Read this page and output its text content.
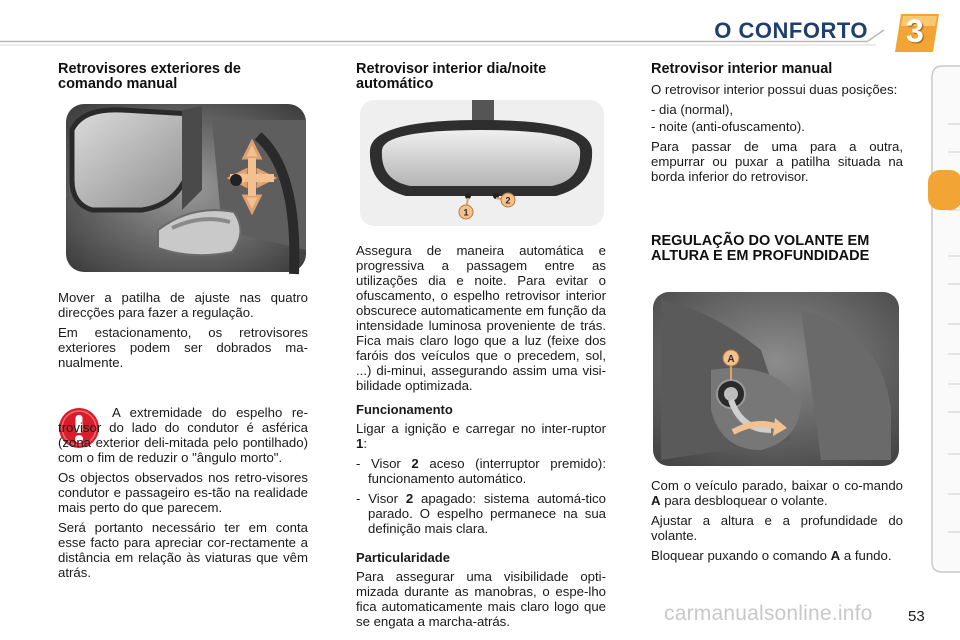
O CONFORTO 3
Retrovisores exteriores de comando manual

Mover a patilha de ajuste nas quatro direcções para fazer a regulação.

Em estacionamento, os retrovisores exteriores podem ser dobrados ma-nualmente.

A extremidade do espelho re-trovisor do lado do condutor é asférica (zona exterior deli-mitada pelo pontilhado) com o fim de reduzir o "ângulo morto".

Os objectos observados nos retro-visores condutor e passageiro es-tão na realidade mais perto do que parecem.

Será portanto necessário ter em conta esse facto para apreciar cor-rectamente a distância em relação às viaturas que vêm atrás.

Retrovisor interior dia/noite automático
1
2

Assegura de maneira automática e progressiva a passagem entre as utilizações dia e noite. Para evitar o ofuscamento, o espelho retrovisor interior obscurece automaticamente em função da intensidade luminosa proveniente de trás. Fica mais claro logo que a luz (feixe dos faróis dos veículos que o precedem, sol, ...) di-minui, assegurando assim uma visi-bilidade optimizada.

Funcionamento

Ligar a ignição e carregar no inter-ruptor 1:

- Visor 2 aceso (interruptor premido): funcionamento automático.

- Visor 2 apagado: sistema automá-tico parado. O espelho permanece na sua definição mais clara.

Particularidade

Para assegurar uma visibilidade opti-mizada durante as manobras, o espe-lho fica automaticamente mais claro logo que se engata a marcha-atrás.

Retrovisor interior manual

O retrovisor interior possui duas posições:

- dia (normal),

- noite (anti-ofuscamento).

Para passar de uma para a outra, empurrar ou puxar a patilha situada na borda inferior do retrovisor.

REGULAÇÃO DO VOLANTE EM ALTURA E EM PROFUNDIDADE
A

Com o veículo parado, baixar o co-mando A para desbloquear o volante.

Ajustar a altura e a profundidade do volante.

Bloquear puxando o comando A a fundo.

carmanualsonline.info 53
